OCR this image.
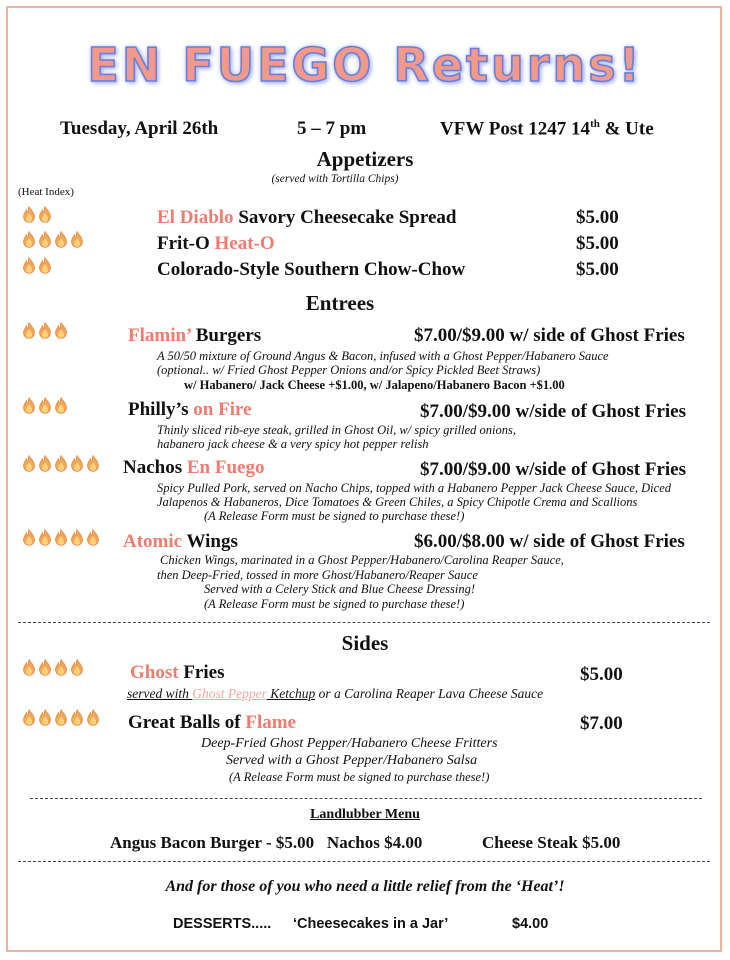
EN FUEGO Returns!
Tuesday, April 26th	5 – 7 pm	VFW Post 1247 14th & Ute
Appetizers
(served with Tortilla Chips)
(Heat Index)
El Diablo Savory Cheesecake Spread	$5.00
Frit-O Heat-O	$5.00
Colorado-Style Southern Chow-Chow	$5.00
Entrees
Flamin’ Burgers	$7.00/$9.00 w/ side of Ghost Fries
A 50/50 mixture of Ground Angus & Bacon, infused with a Ghost Pepper/Habanero Sauce
(optional.. w/ Fried Ghost Pepper Onions and/or Spicy Pickled Beet Straws)
w/ Habanero/ Jack Cheese +$1.00, w/ Jalapeno/Habanero Bacon +$1.00
Philly’s on Fire	$7.00/$9.00 w/side of Ghost Fries
Thinly sliced rib-eye steak, grilled in Ghost Oil, w/ spicy grilled onions,
habanero jack cheese & a very spicy hot pepper relish
Nachos En Fuego	$7.00/$9.00 w/side of Ghost Fries
Spicy Pulled Pork, served on Nacho Chips, topped with a Habanero Pepper Jack Cheese Sauce, Diced
Jalapenos & Habaneros, Dice Tomatoes & Green Chiles, a Spicy Chipotle Crema and Scallions
(A Release Form must be signed to purchase these!)
Atomic Wings	$6.00/$8.00 w/ side of Ghost Fries
Chicken Wings, marinated in a Ghost Pepper/Habanero/Carolina Reaper Sauce,
then Deep-Fried, tossed in more Ghost/Habanero/Reaper Sauce
Served with a Celery Stick and Blue Cheese Dressing!
(A Release Form must be signed to purchase these!)
Sides
Ghost Fries	$5.00
served with Ghost Pepper Ketchup or a Carolina Reaper Lava Cheese Sauce
Great Balls of Flame	$7.00
Deep-Fried Ghost Pepper/Habanero Cheese Fritters
Served with a Ghost Pepper/Habanero Salsa
(A Release Form must be signed to purchase these!)
Landlubber Menu
Angus Bacon Burger - $5.00   Nachos $4.00	Cheese Steak $5.00
And for those of you who need a little relief from the ‘Heat’!
DESSERTS..... ‘Cheesecakes in a Jar’	$4.00
